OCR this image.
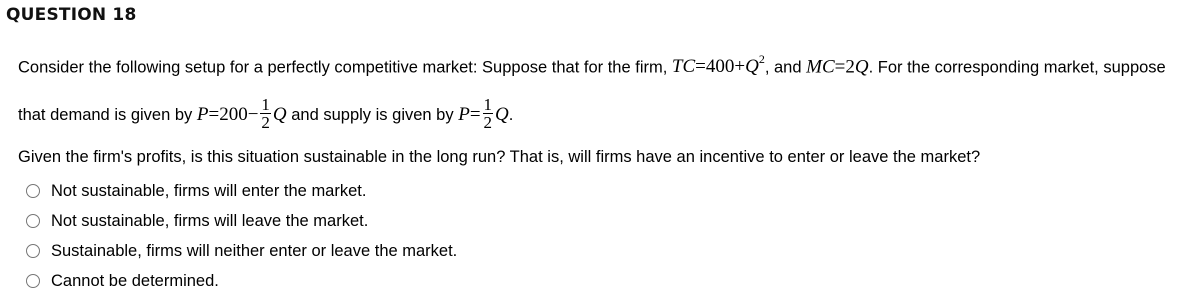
QUESTION 18
Consider the following setup for a perfectly competitive market: Suppose that for the firm, $TC=400+Q^2$, and MC=2Q. For the corresponding market, suppose
that demand is given by $P=200- \frac{1}{2}$ Q and supply is given by $P= \frac{1}{2} Q$.
Given the firm's profits, is this situation sustainable in the long run? That is, will firms have an incentive to enter or leave the market?
Not sustainable, firms will enter the market.
Not sustainable, firms will leave the market.
Sustainable, firms will neither enter or leave the market.
Cannot be determined.
